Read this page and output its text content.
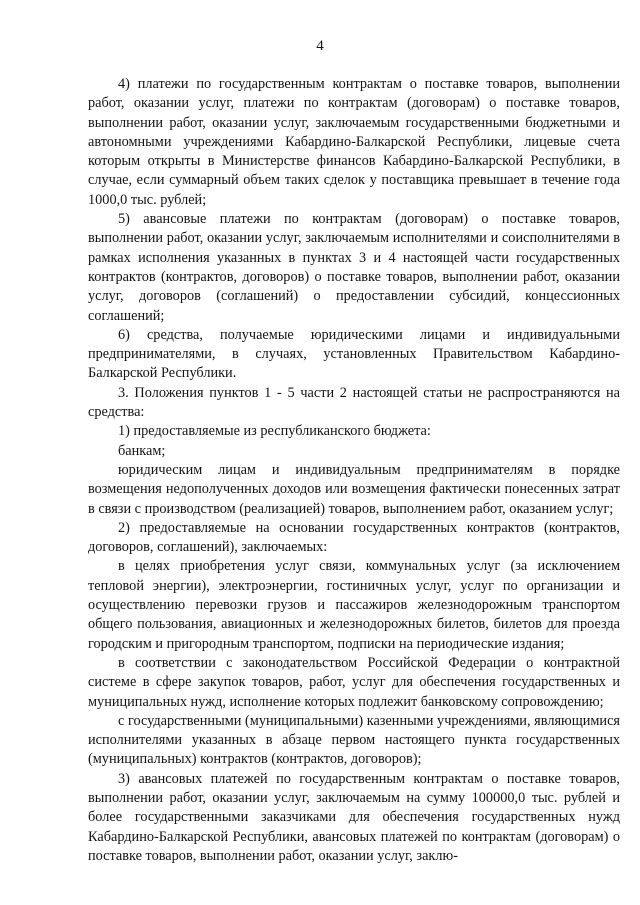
4

4) платежи по государственным контрактам о поставке товаров, выполнении работ, оказании услуг, платежи по контрактам (договорам) о поставке товаров, выполнении работ, оказании услуг, заключаемым государственными бюджетными и автономными учреждениями Кабардино-Балкарской Республики, лицевые счета которым открыты в Министерстве финансов Кабардино-Балкарской Республики, в случае, если суммарный объем таких сделок у поставщика превышает в течение года 1000,0 тыс. рублей;

5) авансовые платежи по контрактам (договорам) о поставке товаров, выполнении работ, оказании услуг, заключаемым исполнителями и соисполнителями в рамках исполнения указанных в пунктах 3 и 4 настоящей части государственных контрактов (контрактов, договоров) о поставке товаров, выполнении работ, оказании услуг, договоров (соглашений) о предоставлении субсидий, концессионных соглашений;

6) средства, получаемые юридическими лицами и индивидуальными предпринимателями, в случаях, установленных Правительством Кабардино-Балкарской Республики.

3. Положения пунктов 1 - 5 части 2 настоящей статьи не распространяются на средства:

1) предоставляемые из республиканского бюджета:

банкам;

юридическим лицам и индивидуальным предпринимателям в порядке возмещения недополученных доходов или возмещения фактически понесенных затрат в связи с производством (реализацией) товаров, выполнением работ, оказанием услуг;

2) предоставляемые на основании государственных контрактов (контрактов, договоров, соглашений), заключаемых:

в целях приобретения услуг связи, коммунальных услуг (за исключением тепловой энергии), электроэнергии, гостиничных услуг, услуг по организации и осуществлению перевозки грузов и пассажиров железнодорожным транспортом общего пользования, авиационных и железнодорожных билетов, билетов для проезда городским и пригородным транспортом, подписки на периодические издания;

в соответствии с законодательством Российской Федерации о контрактной системе в сфере закупок товаров, работ, услуг для обеспечения государственных и муниципальных нужд, исполнение которых подлежит банковскому сопровождению;

с государственными (муниципальными) казенными учреждениями, являющимися исполнителями указанных в абзаце первом настоящего пункта государственных (муниципальных) контрактов (контрактов, договоров);

3) авансовых платежей по государственным контрактам о поставке товаров, выполнении работ, оказании услуг, заключаемым на сумму 100000,0 тыс. рублей и более государственными заказчиками для обеспечения государственных нужд Кабардино-Балкарской Республики, авансовых платежей по контрактам (договорам) о поставке товаров, выполнении работ, оказании услуг, заклю-
